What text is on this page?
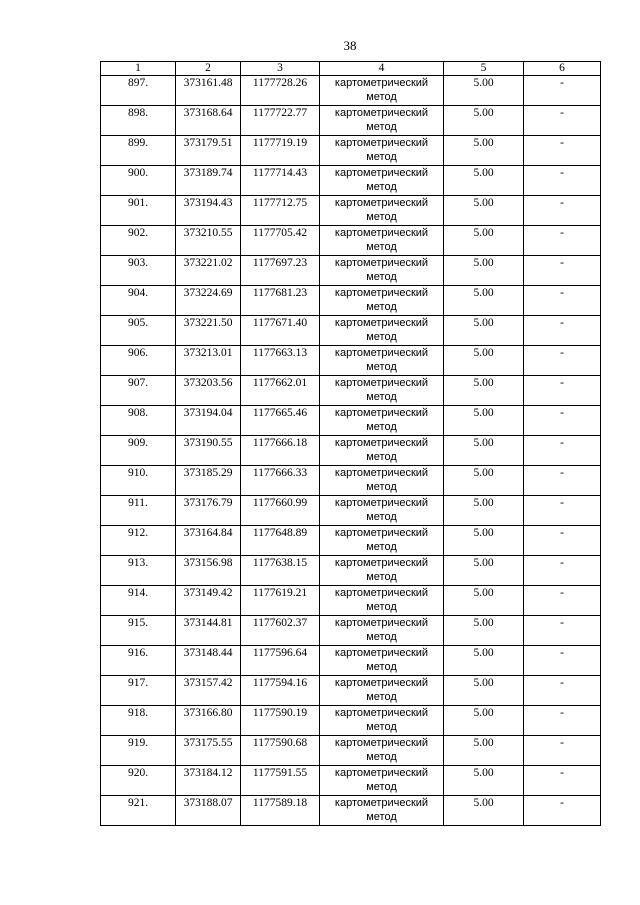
38
1	2	3	4	5	6
897.	373161.48	1177728.26	картометрический метод	5.00	-
898.	373168.64	1177722.77	картометрический метод	5.00	-
899.	373179.51	1177719.19	картометрический метод	5.00	-
900.	373189.74	1177714.43	картометрический метод	5.00	-
901.	373194.43	1177712.75	картометрический метод	5.00	-
902.	373210.55	1177705.42	картометрический метод	5.00	-
903.	373221.02	1177697.23	картометрический метод	5.00	-
904.	373224.69	1177681.23	картометрический метод	5.00	-
905.	373221.50	1177671.40	картометрический метод	5.00	-
906.	373213.01	1177663.13	картометрический метод	5.00	-
907.	373203.56	1177662.01	картометрический метод	5.00	-
908.	373194.04	1177665.46	картометрический метод	5.00	-
909.	373190.55	1177666.18	картометрический метод	5.00	-
910.	373185.29	1177666.33	картометрический метод	5.00	-
911.	373176.79	1177660.99	картометрический метод	5.00	-
912.	373164.84	1177648.89	картометрический метод	5.00	-
913.	373156.98	1177638.15	картометрический метод	5.00	-
914.	373149.42	1177619.21	картометрический метод	5.00	-
915.	373144.81	1177602.37	картометрический метод	5.00	-
916.	373148.44	1177596.64	картометрический метод	5.00	-
917.	373157.42	1177594.16	картометрический метод	5.00	-
918.	373166.80	1177590.19	картометрический метод	5.00	-
919.	373175.55	1177590.68	картометрический метод	5.00	-
920.	373184.12	1177591.55	картометрический метод	5.00	-
921.	373188.07	1177589.18	картометрический метод	5.00	-
